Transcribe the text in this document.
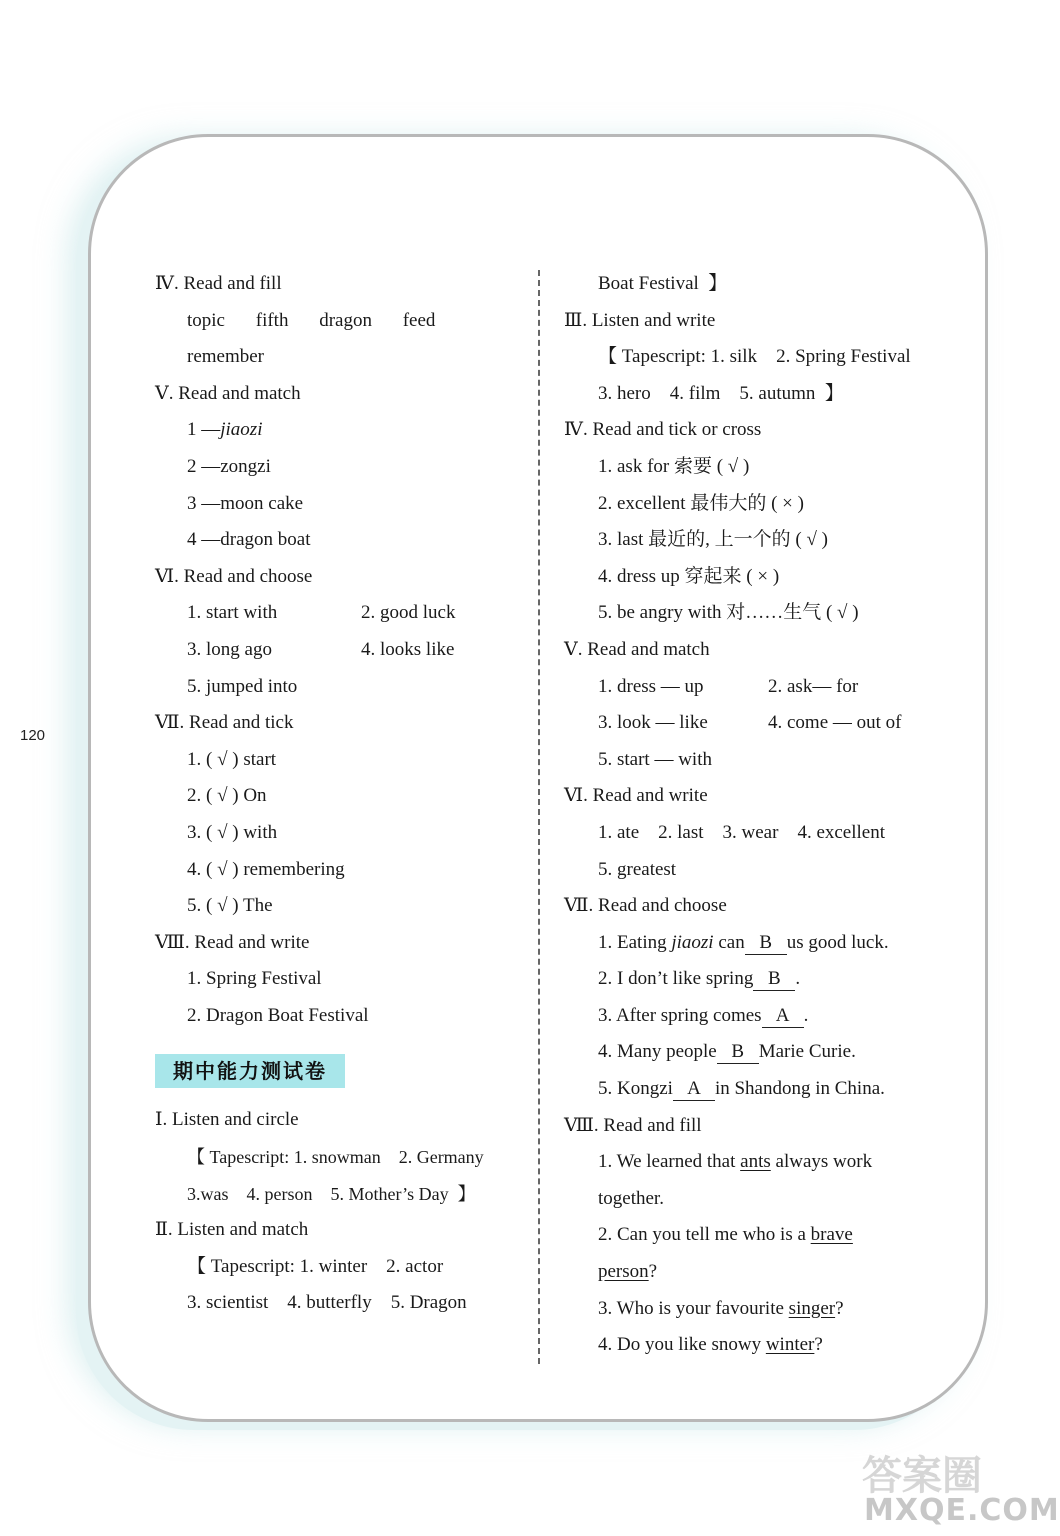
120
Ⅳ. Read and fill
topic fifth dragon feed
remember
Ⅴ. Read and match
1 —jiaozi
2 —zongzi
3 —moon cake
4 —dragon boat
Ⅵ. Read and choose
1. start with	2. good luck
3. long ago	4. looks like
5. jumped into
Ⅶ. Read and tick
1. ( √ ) start
2. ( √ ) On
3. ( √ ) with
4. ( √ ) remembering
5. ( √ ) The
Ⅷ. Read and write
1. Spring Festival
2. Dragon Boat Festival
期中能力测试卷
Ⅰ. Listen and circle
【 Tapescript: 1. snowman    2. Germany
3.was    4. person    5. Mother’s Day  】
Ⅱ. Listen and match
【 Tapescript: 1. winter    2. actor
3. scientist    4. butterfly    5. Dragon
Boat Festival  】
Ⅲ. Listen and write
【 Tapescript: 1. silk    2. Spring Festival
3. hero    4. film    5. autumn  】
Ⅳ. Read and tick or cross
1. ask for 索要 ( √ )
2. excellent 最伟大的 ( × )
3. last 最近的, 上一个的 ( √ )
4. dress up 穿起来 ( × )
5. be angry with 对……生气 ( √ )
Ⅴ. Read and match
1. dress — up	2. ask— for
3. look — like	4. come — out of
5. start — with
Ⅵ. Read and write
1. ate    2. last    3. wear    4. excellent
5. greatest
Ⅶ. Read and choose
1. Eating jiaozi can B us good luck.
2. I don’t like spring B .
3. After spring comes A .
4. Many people B Marie Curie.
5. Kongzi A in Shandong in China.
Ⅷ. Read and fill
1. We learned that ants always work
together.
2. Can you tell me who is a brave
person?
3. Who is your favourite singer?
4. Do you like snowy winter?
答案圈
MXQE.COM
